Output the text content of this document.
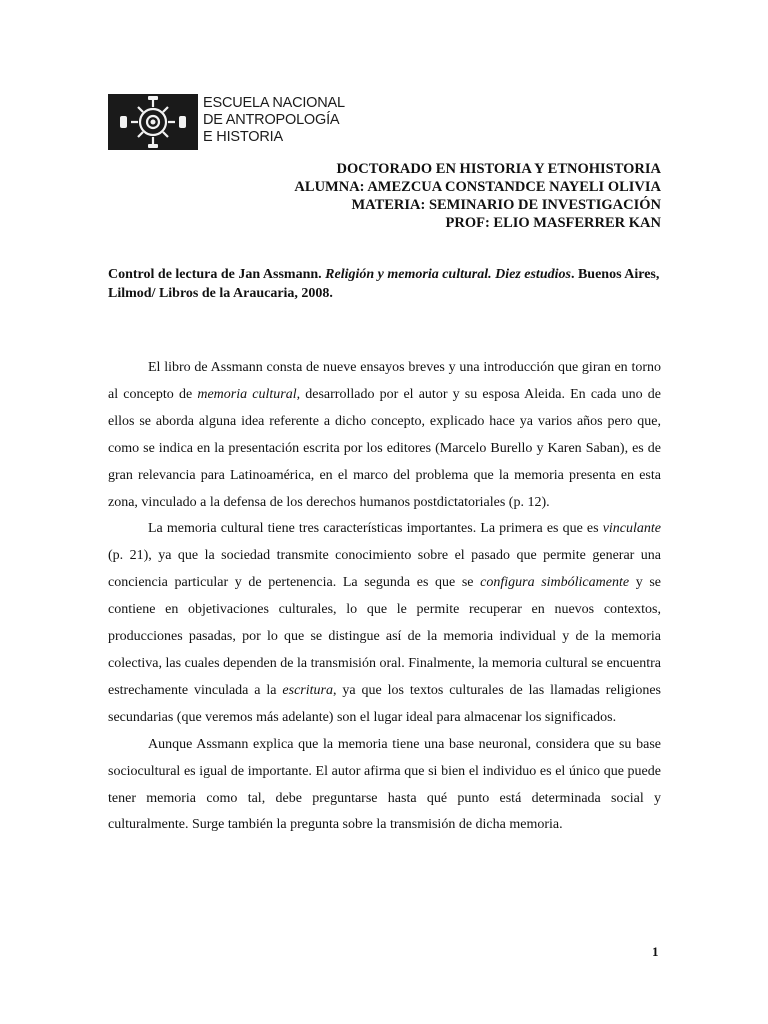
ESCUELA NACIONAL
DE ANTROPOLOGÍA
E HISTORIA
DOCTORADO EN HISTORIA Y ETNOHISTORIA
ALUMNA: AMEZCUA CONSTANDCE NAYELI OLIVIA
MATERIA: SEMINARIO DE INVESTIGACIÓN
PROF: ELIO MASFERRER KAN
Control de lectura de Jan Assmann. Religión y memoria cultural. Diez estudios. Buenos Aires, Lilmod/ Libros de la Araucaria, 2008.

El libro de Assmann consta de nueve ensayos breves y una introducción que giran en torno al concepto de memoria cultural, desarrollado por el autor y su esposa Aleida. En cada uno de ellos se aborda alguna idea referente a dicho concepto, explicado hace ya varios años pero que, como se indica en la presentación escrita por los editores (Marcelo Burello y Karen Saban), es de gran relevancia para Latinoamérica, en el marco del problema que la memoria presenta en esta zona, vinculado a la defensa de los derechos humanos postdictatoriales (p. 12).

La memoria cultural tiene tres características importantes. La primera es que es vinculante (p. 21), ya que la sociedad transmite conocimiento sobre el pasado que permite generar una conciencia particular y de pertenencia. La segunda es que se configura simbólicamente y se contiene en objetivaciones culturales, lo que le permite recuperar en nuevos contextos, producciones pasadas, por lo que se distingue así de la memoria individual y de la memoria colectiva, las cuales dependen de la transmisión oral. Finalmente, la memoria cultural se encuentra estrechamente vinculada a la escritura, ya que los textos culturales de las llamadas religiones secundarias (que veremos más adelante) son el lugar ideal para almacenar los significados.

Aunque Assmann explica que la memoria tiene una base neuronal, considera que su base sociocultural es igual de importante. El autor afirma que si bien el individuo es el único que puede tener memoria como tal, debe preguntarse hasta qué punto está determinada social y culturalmente. Surge también la pregunta sobre la transmisión de dicha memoria.

1
